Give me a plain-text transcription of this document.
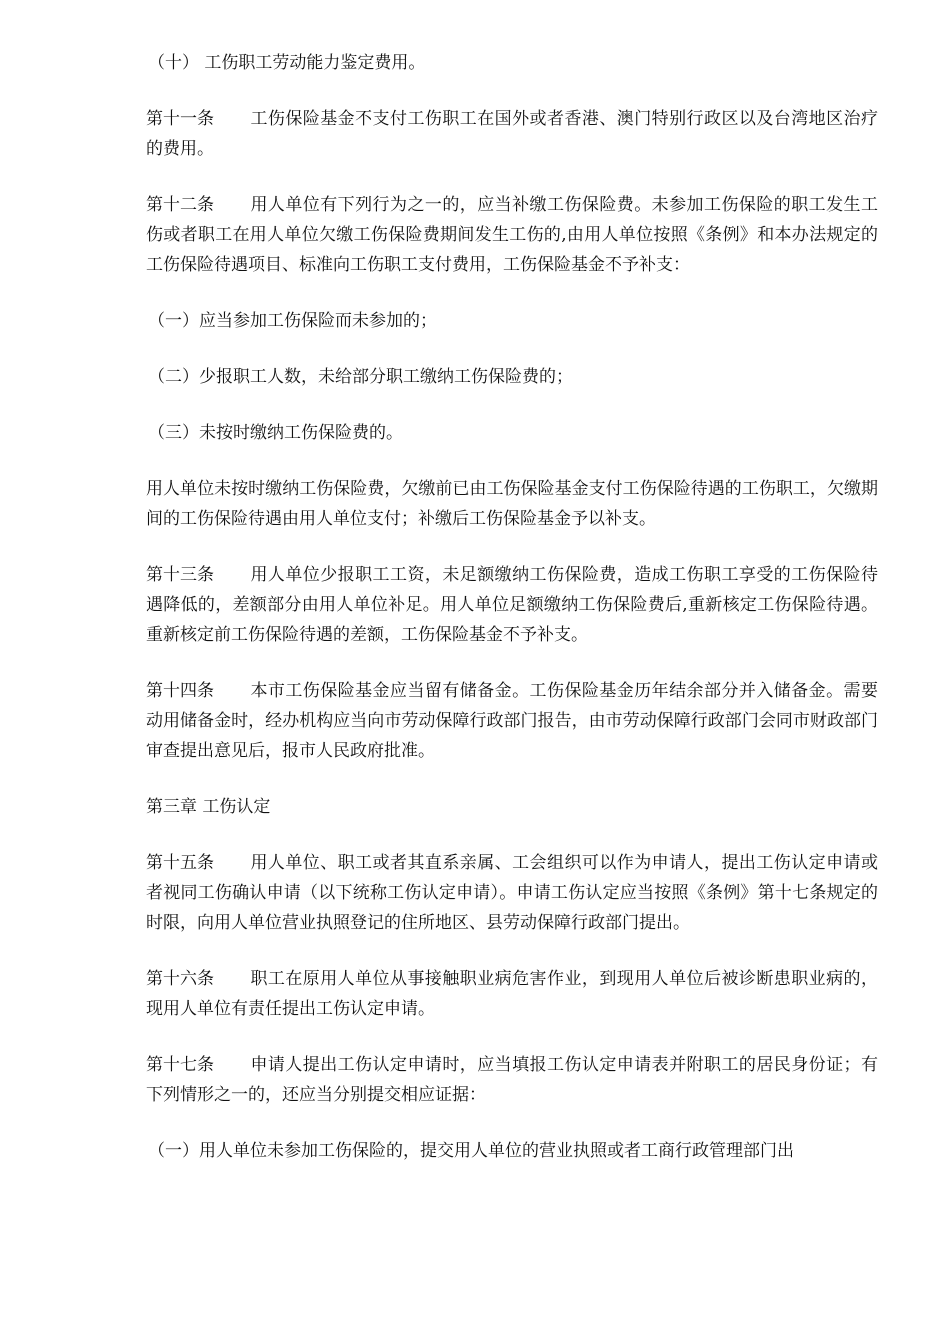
（十） 工伤职工劳动能力鉴定费用。

第十一条 工伤保险基金不支付工伤职工在国外或者香港、澳门特别行政区以及台湾地区治疗的费用。

第十二条 用人单位有下列行为之一的，应当补缴工伤保险费。未参加工伤保险的职工发生工伤或者职工在用人单位欠缴工伤保险费期间发生工伤的,由用人单位按照《条例》和本办法规定的工伤保险待遇项目、标准向工伤职工支付费用，工伤保险基金不予补支：

（一）应当参加工伤保险而未参加的；

（二）少报职工人数，未给部分职工缴纳工伤保险费的；

（三）未按时缴纳工伤保险费的。

用人单位未按时缴纳工伤保险费，欠缴前已由工伤保险基金支付工伤保险待遇的工伤职工，欠缴期间的工伤保险待遇由用人单位支付；补缴后工伤保险基金予以补支。

第十三条 用人单位少报职工工资，未足额缴纳工伤保险费，造成工伤职工享受的工伤保险待遇降低的，差额部分由用人单位补足。用人单位足额缴纳工伤保险费后,重新核定工伤保险待遇。重新核定前工伤保险待遇的差额，工伤保险基金不予补支。

第十四条 本市工伤保险基金应当留有储备金。工伤保险基金历年结余部分并入储备金。需要动用储备金时，经办机构应当向市劳动保障行政部门报告，由市劳动保障行政部门会同市财政部门审查提出意见后，报市人民政府批准。

第三章 工伤认定

第十五条 用人单位、职工或者其直系亲属、工会组织可以作为申请人，提出工伤认定申请或者视同工伤确认申请（以下统称工伤认定申请）。申请工伤认定应当按照《条例》第十七条规定的时限，向用人单位营业执照登记的住所地区、县劳动保障行政部门提出。

第十六条 职工在原用人单位从事接触职业病危害作业，到现用人单位后被诊断患职业病的，现用人单位有责任提出工伤认定申请。

第十七条 申请人提出工伤认定申请时，应当填报工伤认定申请表并附职工的居民身份证；有下列情形之一的，还应当分别提交相应证据：

（一）用人单位未参加工伤保险的，提交用人单位的营业执照或者工商行政管理部门出
